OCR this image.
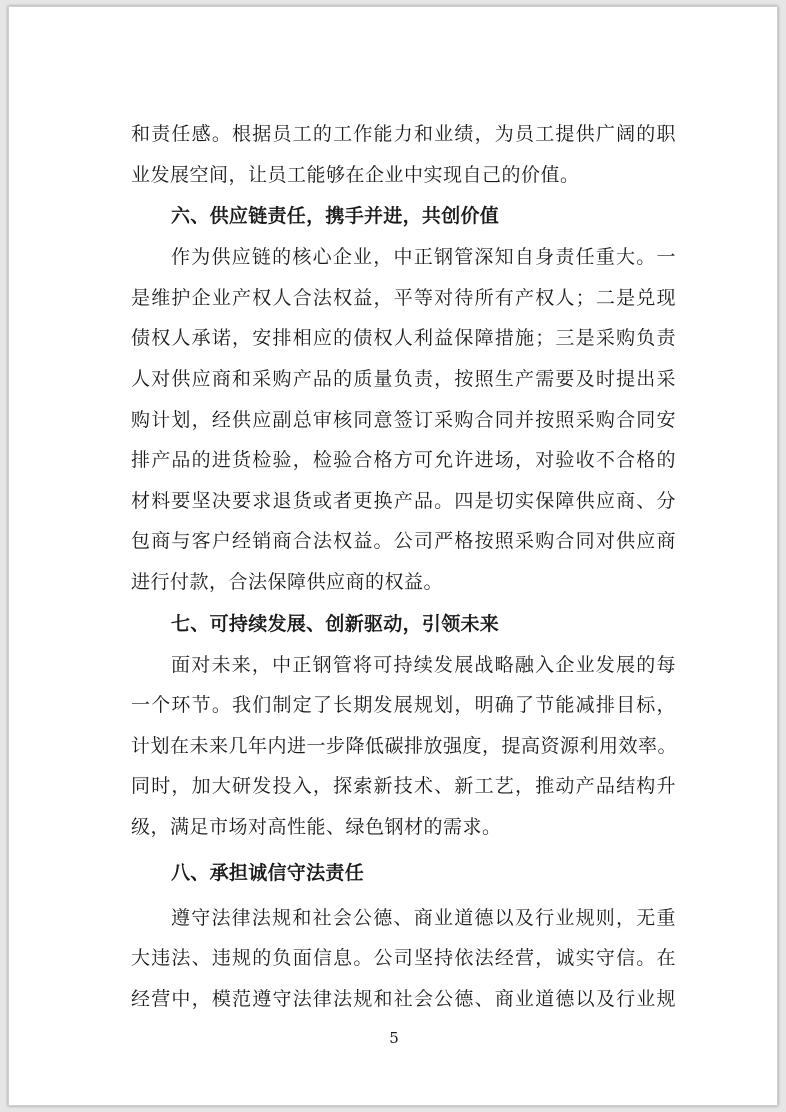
和责任感。根据员工的工作能力和业绩，为员工提供广阔的职
业发展空间，让员工能够在企业中实现自己的价值。
六、供应链责任，携手并进，共创价值
作为供应链的核心企业，中正钢管深知自身责任重大。一
是维护企业产权人合法权益，平等对待所有产权人；二是兑现
债权人承诺，安排相应的债权人利益保障措施；三是采购负责
人对供应商和采购产品的质量负责，按照生产需要及时提出采
购计划，经供应副总审核同意签订采购合同并按照采购合同安
排产品的进货检验，检验合格方可允许进场，对验收不合格的
材料要坚决要求退货或者更换产品。四是切实保障供应商、分
包商与客户经销商合法权益。公司严格按照采购合同对供应商
进行付款，合法保障供应商的权益。
七、可持续发展、创新驱动，引领未来
面对未来，中正钢管将可持续发展战略融入企业发展的每
一个环节。我们制定了长期发展规划，明确了节能减排目标，
计划在未来几年内进一步降低碳排放强度，提高资源利用效率。
同时，加大研发投入，探索新技术、新工艺，推动产品结构升
级，满足市场对高性能、绿色钢材的需求。
八、承担诚信守法责任
遵守法律法规和社会公德、商业道德以及行业规则，无重
大违法、违规的负面信息。公司坚持依法经营，诚实守信。在
经营中，模范遵守法律法规和社会公德、商业道德以及行业规
5
